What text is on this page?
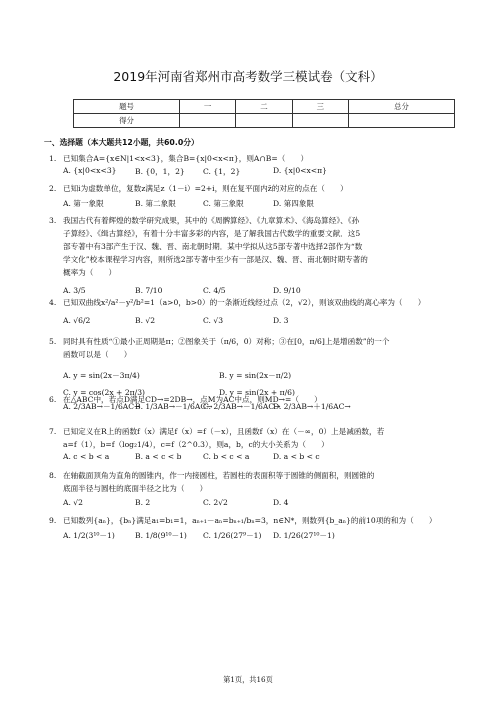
2019年河南省郑州市高考数学三模试卷（文科）
题号	一	二	三	总分
得分				
一、选择题（本大题共12小题，共60.0分）
1. 已知集合A={x∈N|1<x<3}，集合B={x|0<x<π}，则A∩B=（　　）
A. {x|0<x<3} B. {0，1，2} C. {1，2}	D. {x|0<x<π}
2. 已知i为虚数单位，复数z满足z（1－i）=2+i，则在复平面内z̄的对应的点在（　　）
A. 第一象限	B. 第二象限	C. 第三象限	D. 第四象限
3. 我国古代有着辉煌的数学研究成果，其中的《周髀算经》、《九章算术》、《海岛算经》、《孙
子算经》、《缉古算经》，有着十分丰富多彩的内容，是了解我国古代数学的重要文献．这5
部专著中有3部产生于汉、魏、晋、南北朝时期．某中学拟从这5部专著中选择2部作为“数
学文化”校本课程学习内容，则所选2部专著中至少有一部是汉、魏、晋、南北朝时期专著的
概率为（　　）
A. 3/5	B. 7/10	C. 4/5	D. 9/10
4. 已知双曲线x²/a²－y²/b²=1（a>0，b>0）的一条渐近线经过点（2，√2），则该双曲线的离心率为（　　）
A. √6/2	B. √2	C. √3	D. 3
5. 同时具有性质“①最小正周期是π；②图象关于（π/6，0）对称；③在[0，π/6]上是增函数”的一个
函数可以是（　　）
A. y = sin(2x－3π/4)	B. y = sin(2x－π/2)
C. y = cos(2x + 2π/3)	D. y = sin(2x + π/6)
6. 在△ABC中，若点D满足CD→=2DB→，点M为AC中点，则MD→=（　　）
A. 2/3AB→－1/6AC→
B. 1/3AB→－1/6AC→
C. 2/3AB→－1/6AC→
D. 2/3AB→＋1/6AC→
7. 已知定义在R上的函数f（x）满足f（x）=f（－x），且函数f（x）在（－∞，0）上是减函数，若
a=f（1），b=f（log₂1/4），c=f（2^0.3），则a，b，c的大小关系为（　　）
A. c < b < a	B. a < c < b	C. b < c < a	D. a < b < c
8. 在轴截面顶角为直角的圆锥内，作一内接圆柱，若圆柱的表面积等于圆锥的侧面积，则圆锥的
底面半径与圆柱的底面半径之比为（　　）
A. √2	B. 2	C. 2√2	D. 4
9. 已知数列{aₙ}，{bₙ}满足a₁=b₁=1，aₙ₊₁－aₙ=bₙ₊₁/bₙ=3，n∈N*，则数列{b_aₙ}的前10项的和为（　　）
A. 1/2(3¹⁰－1)	B. 1/8(9¹⁰－1) C. 1/26(27⁹－1) D. 1/26(27¹⁰－1)
第1页，共16页
